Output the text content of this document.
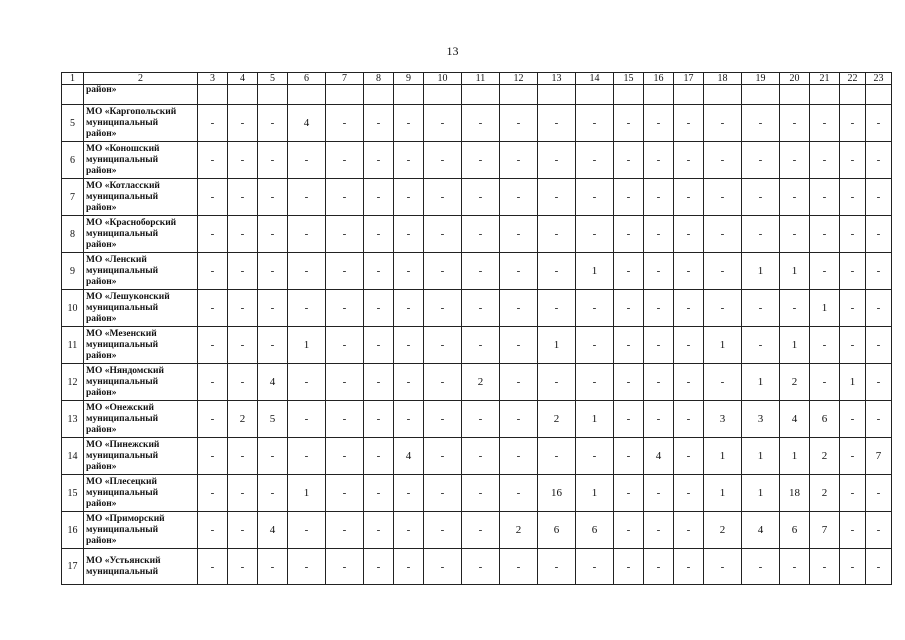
13
1	2	3	4	5	6	7	8	9	10	11	12	13	14	15	16	17	18	19	20	21	22	23
	район»																					
5	МО «Каргопольский
муниципальный
район»	-	-	-	4	-	-	-	-	-	-	-	-	-	-	-	-	-	-	-	-	-
6	МО «Коношский
муниципальный
район»	-	-	-	-	-	-	-	-	-	-	-	-	-	-	-	-	-	-	-	-	-
7	МО «Котласский
муниципальный
район»	-	-	-	-	-	-	-	-	-	-	-	-	-	-	-	-	-	-	-	-	-
8	МО «Красноборский
муниципальный
район»	-	-	-	-	-	-	-	-	-	-	-	-	-	-	-	-	-	-	-	-	-
9	МО «Ленский
муниципальный
район»	-	-	-	-	-	-	-	-	-	-	-	1	-	-	-	-	1	1	-	-	-
10	МО «Лешуконский
муниципальный
район»	-	-	-	-	-	-	-	-	-	-	-	-	-	-	-	-	-	-	1	-	-
11	МО «Мезенский
муниципальный
район»	-	-	-	1	-	-	-	-	-	-	1	-	-	-	-	1	-	1	-	-	-
12	МО «Няндомский
муниципальный
район»	-	-	4	-	-	-	-	-	2	-	-	-	-	-	-	-	1	2	-	1	-
13	МО «Онежский
муниципальный
район»	-	2	5	-	-	-	-	-	-	-	2	1	-	-	-	3	3	4	6	-	-
14	МО «Пинежский
муниципальный
район»	-	-	-	-	-	-	4	-	-	-	-	-	-	4	-	1	1	1	2	-	7
15	МО «Плесецкий
муниципальный
район»	-	-	-	1	-	-	-	-	-	-	16	1	-	-	-	1	1	18	2	-	-
16	МО «Приморский
муниципальный
район»	-	-	4	-	-	-	-	-	-	2	6	6	-	-	-	2	4	6	7	-	-
17	МО «Устьянский
муниципальный	-	-	-	-	-	-	-	-	-	-	-	-	-	-	-	-	-	-	-	-	-
